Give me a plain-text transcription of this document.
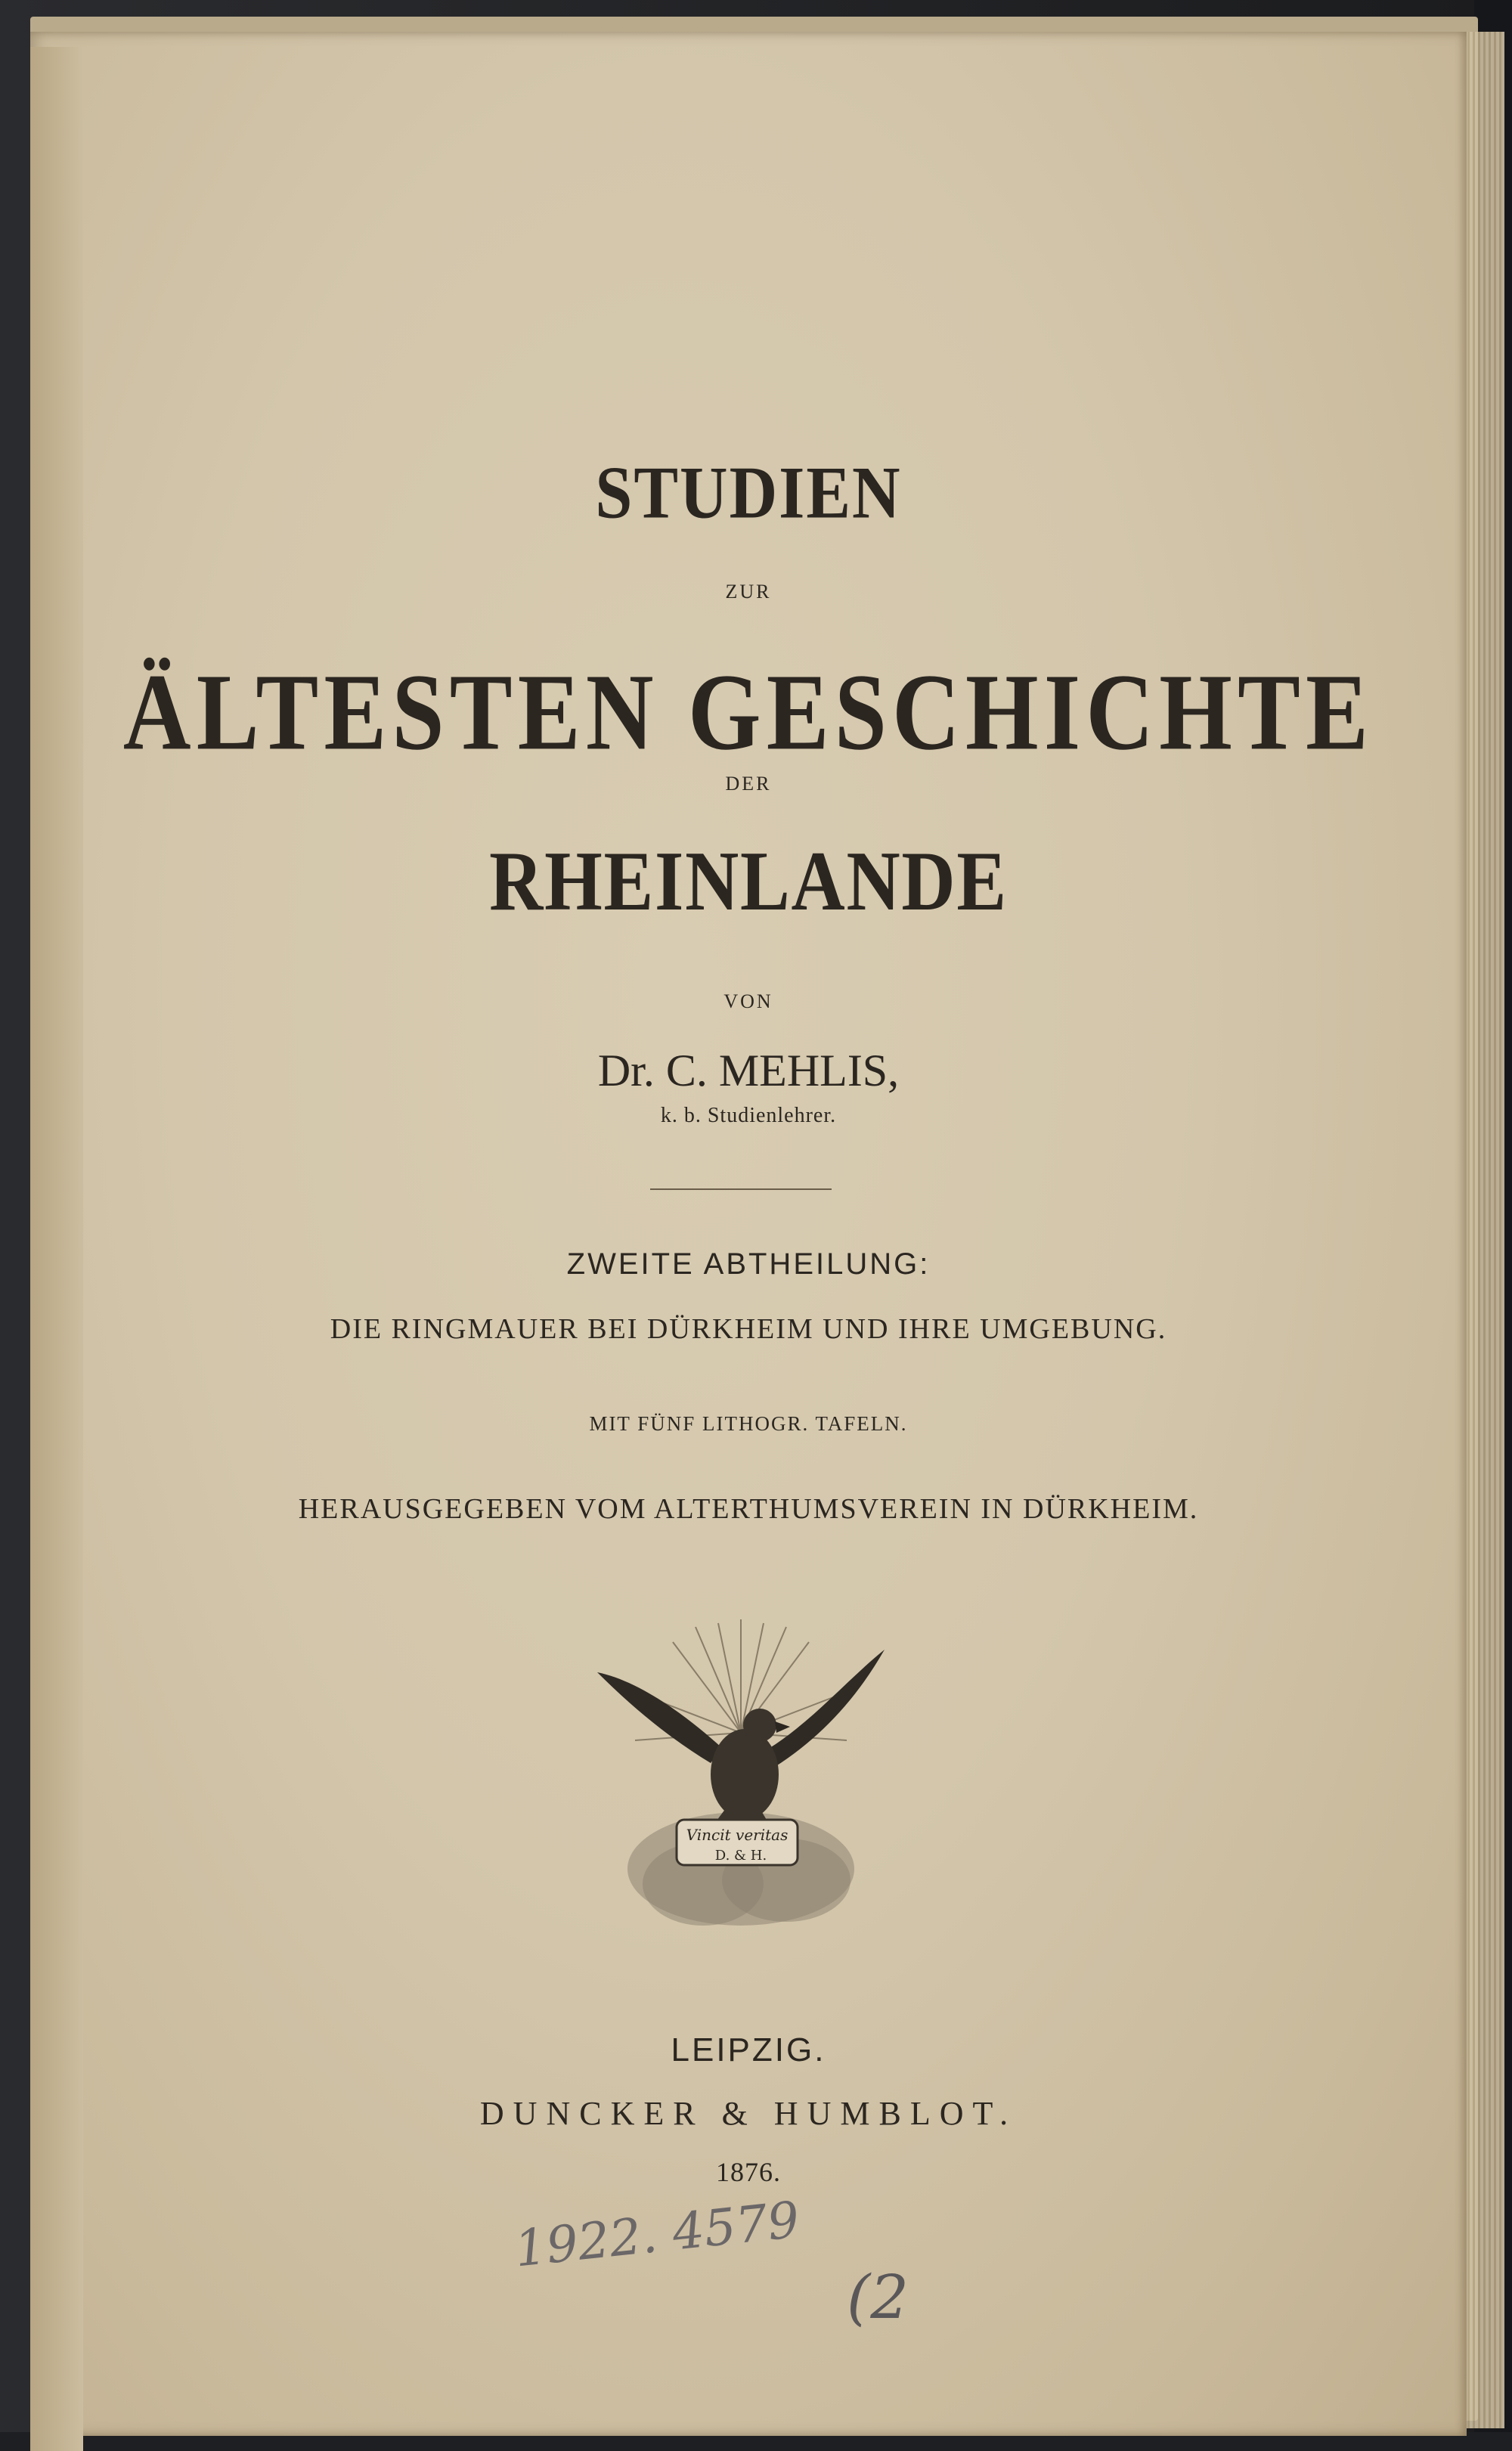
STUDIEN

ZUR

ÄLTESTEN GESCHICHTE

DER

RHEINLANDE

VON

Dr. C. MEHLIS,

k. b. Studienlehrer.

ZWEITE ABTHEILUNG:

DIE RINGMAUER BEI DÜRKHEIM UND IHRE UMGEBUNG.

MIT FÜNF LITHOGR. TAFELN.

HERAUSGEGEBEN VOM ALTERTHUMSVEREIN IN DÜRKHEIM.

Vincit veritas
D. & H.

LEIPZIG.

DUNCKER & HUMBLOT.

1876.

1922. 4579
(2
